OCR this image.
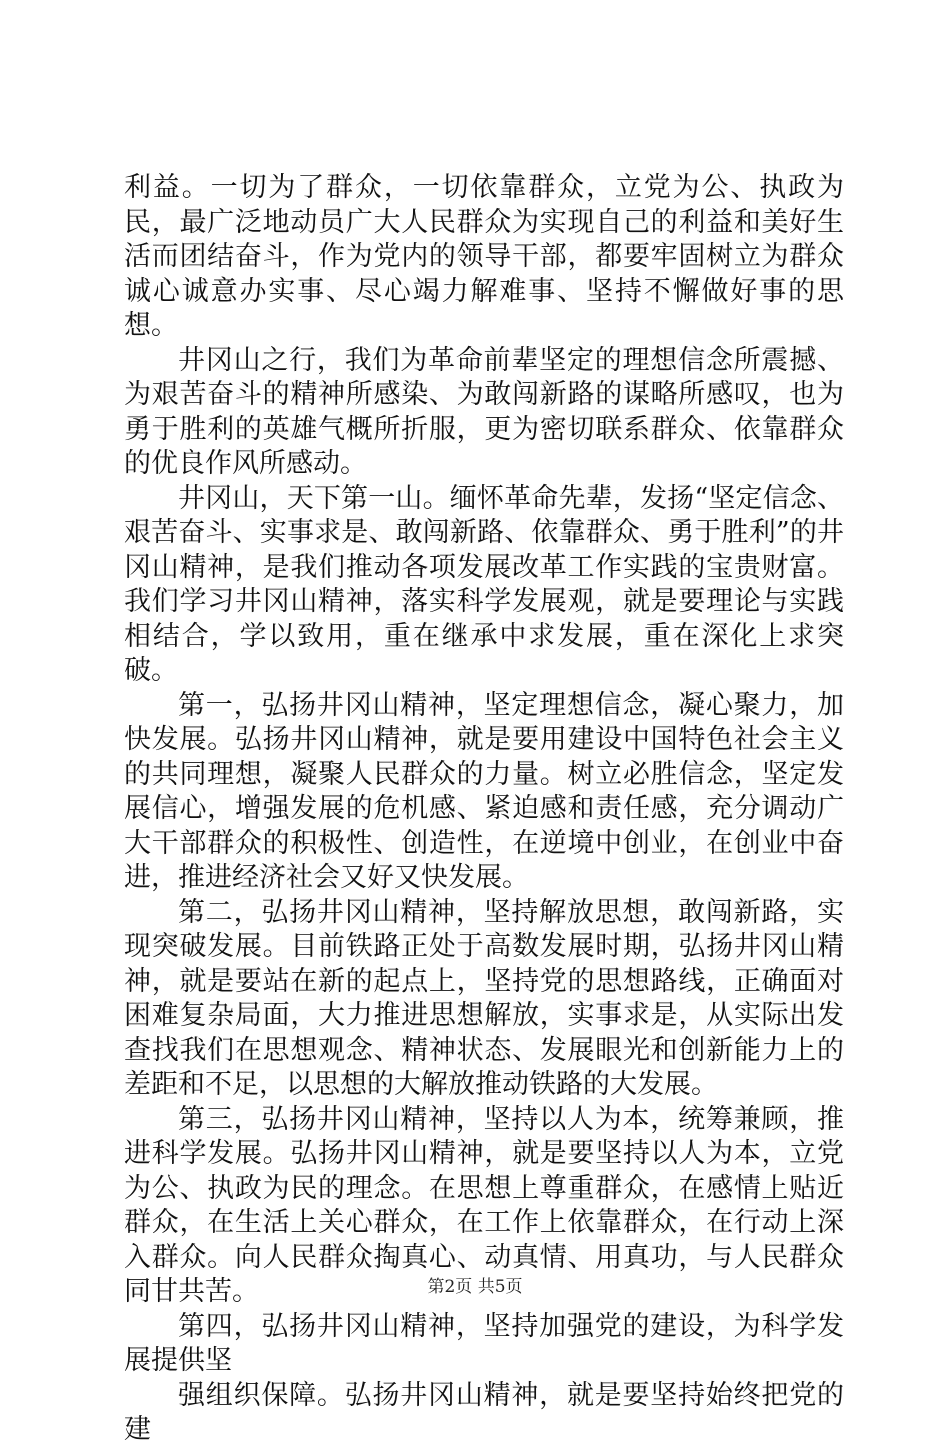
利益。一切为了群众，一切依靠群众，立党为公、执政为民，最广泛地动员广大人民群众为实现自己的利益和美好生活而团结奋斗，作为党内的领导干部，都要牢固树立为群众诚心诚意办实事、尽心竭力解难事、坚持不懈做好事的思想。

井冈山之行，我们为革命前辈坚定的理想信念所震撼、为艰苦奋斗的精神所感染、为敢闯新路的谋略所感叹，也为勇于胜利的英雄气概所折服，更为密切联系群众、依靠群众的优良作风所感动。

井冈山，天下第一山。缅怀革命先辈，发扬“坚定信念、艰苦奋斗、实事求是、敢闯新路、依靠群众、勇于胜利”的井冈山精神，是我们推动各项发展改革工作实践的宝贵财富。我们学习井冈山精神，落实科学发展观，就是要理论与实践相结合，学以致用，重在继承中求发展，重在深化上求突破。

第一，弘扬井冈山精神，坚定理想信念，凝心聚力，加快发展。弘扬井冈山精神，就是要用建设中国特色社会主义的共同理想，凝聚人民群众的力量。树立必胜信念，坚定发展信心，增强发展的危机感、紧迫感和责任感，充分调动广大干部群众的积极性、创造性，在逆境中创业，在创业中奋进，推进经济社会又好又快发展。

第二，弘扬井冈山精神，坚持解放思想，敢闯新路，实现突破发展。目前铁路正处于高数发展时期，弘扬井冈山精神，就是要站在新的起点上，坚持党的思想路线，正确面对困难复杂局面，大力推进思想解放，实事求是，从实际出发查找我们在思想观念、精神状态、发展眼光和创新能力上的差距和不足，以思想的大解放推动铁路的大发展。

第三，弘扬井冈山精神，坚持以人为本，统筹兼顾，推进科学发展。弘扬井冈山精神，就是要坚持以人为本，立党为公、执政为民的理念。在思想上尊重群众，在感情上贴近群众，在生活上关心群众，在工作上依靠群众，在行动上深入群众。向人民群众掏真心、动真情、用真功，与人民群众同甘共苦。

第四，弘扬井冈山精神，坚持加强党的建设，为科学发展提供坚

强组织保障。弘扬井冈山精神，就是要坚持始终把党的建

第2页 共5页
